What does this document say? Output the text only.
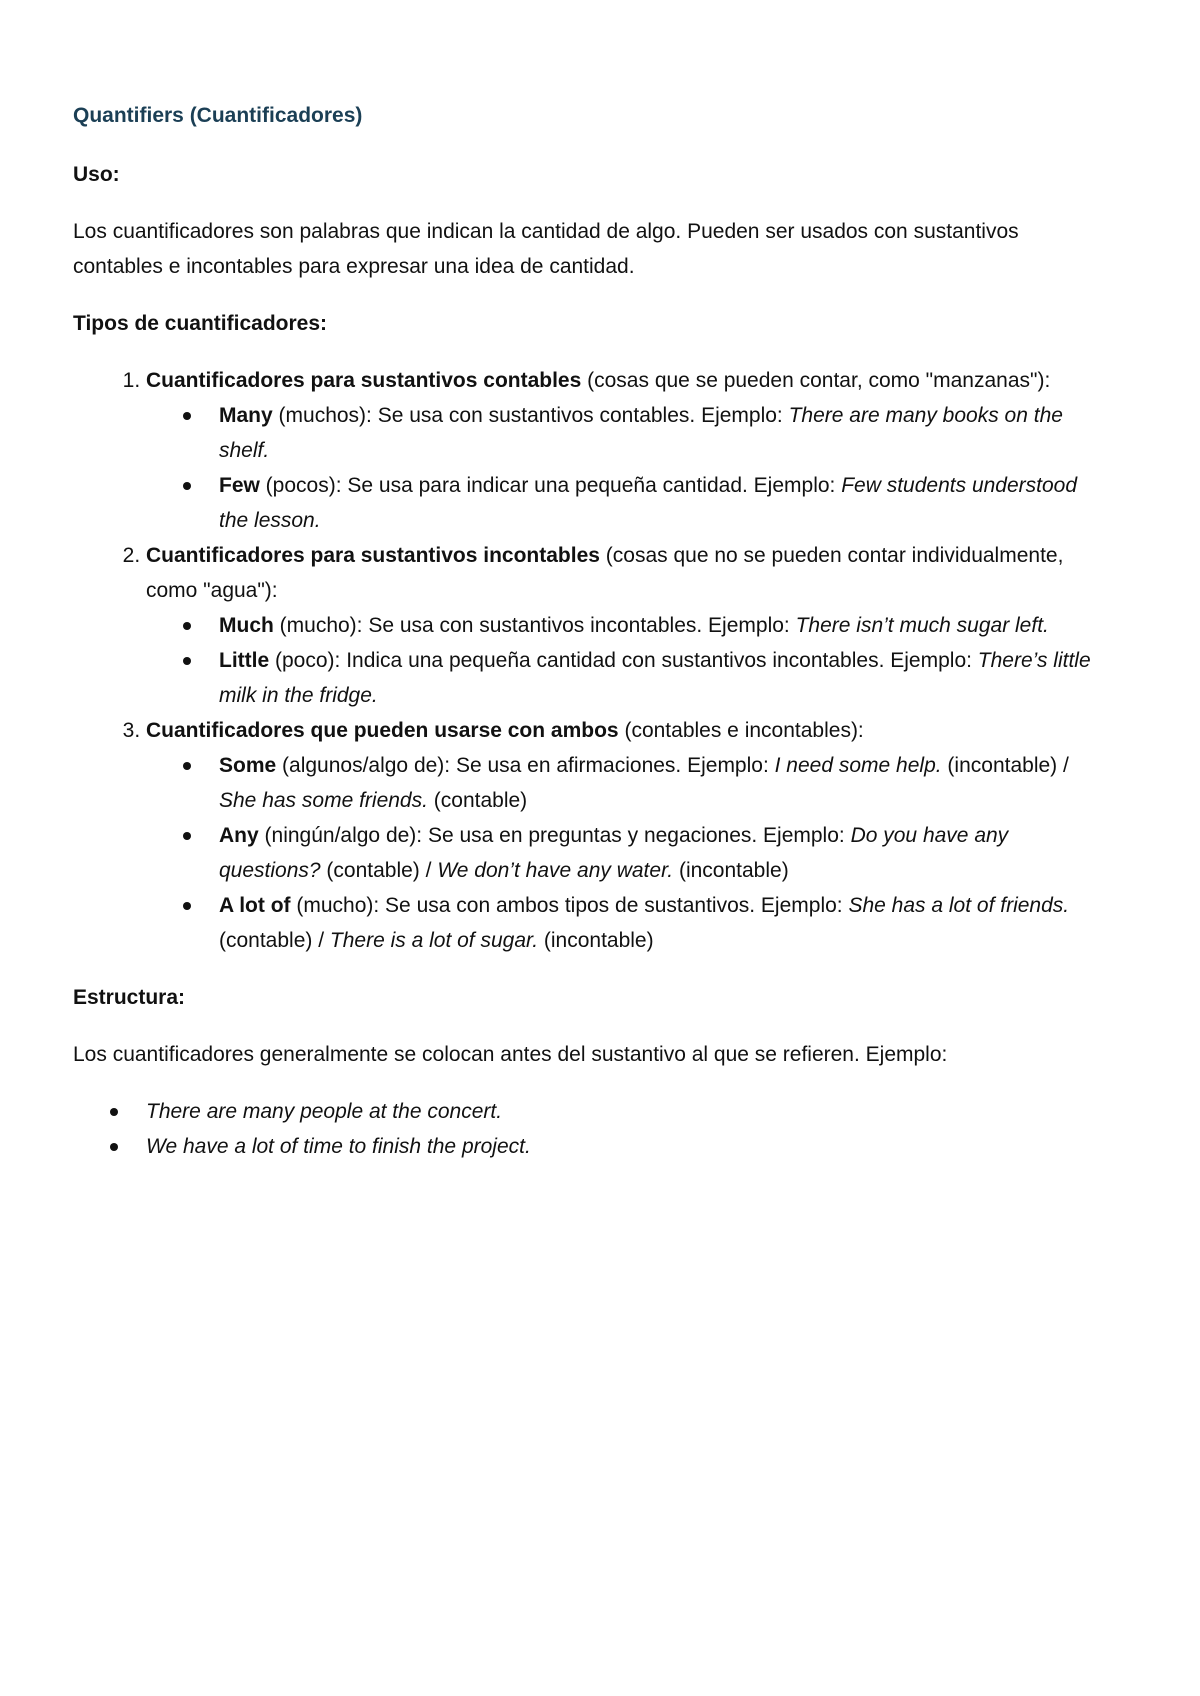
Quantifiers (Cuantificadores)
Uso:

Los cuantificadores son palabras que indican la cantidad de algo. Pueden ser usados con sustantivos contables e incontables para expresar una idea de cantidad.

Tipos de cuantificadores:
1. Cuantificadores para sustantivos contables (cosas que se pueden contar, como "manzanas"):
Many (muchos): Se usa con sustantivos contables. Ejemplo: There are many books on the shelf.
Few (pocos): Se usa para indicar una pequeña cantidad. Ejemplo: Few students understood the lesson.
2. Cuantificadores para sustantivos incontables (cosas que no se pueden contar individualmente, como "agua"):
Much (mucho): Se usa con sustantivos incontables. Ejemplo: There isn’t much sugar left.
Little (poco): Indica una pequeña cantidad con sustantivos incontables. Ejemplo: There’s little milk in the fridge.
3. Cuantificadores que pueden usarse con ambos (contables e incontables):
Some (algunos/algo de): Se usa en afirmaciones. Ejemplo: I need some help. (incontable) / She has some friends. (contable)
Any (ningún/algo de): Se usa en preguntas y negaciones. Ejemplo: Do you have any questions? (contable) / We don’t have any water. (incontable)
A lot of (mucho): Se usa con ambos tipos de sustantivos. Ejemplo: She has a lot of friends. (contable) / There is a lot of sugar. (incontable)
Estructura:

Los cuantificadores generalmente se colocan antes del sustantivo al que se refieren. Ejemplo:

There are many people at the concert.
We have a lot of time to finish the project.
